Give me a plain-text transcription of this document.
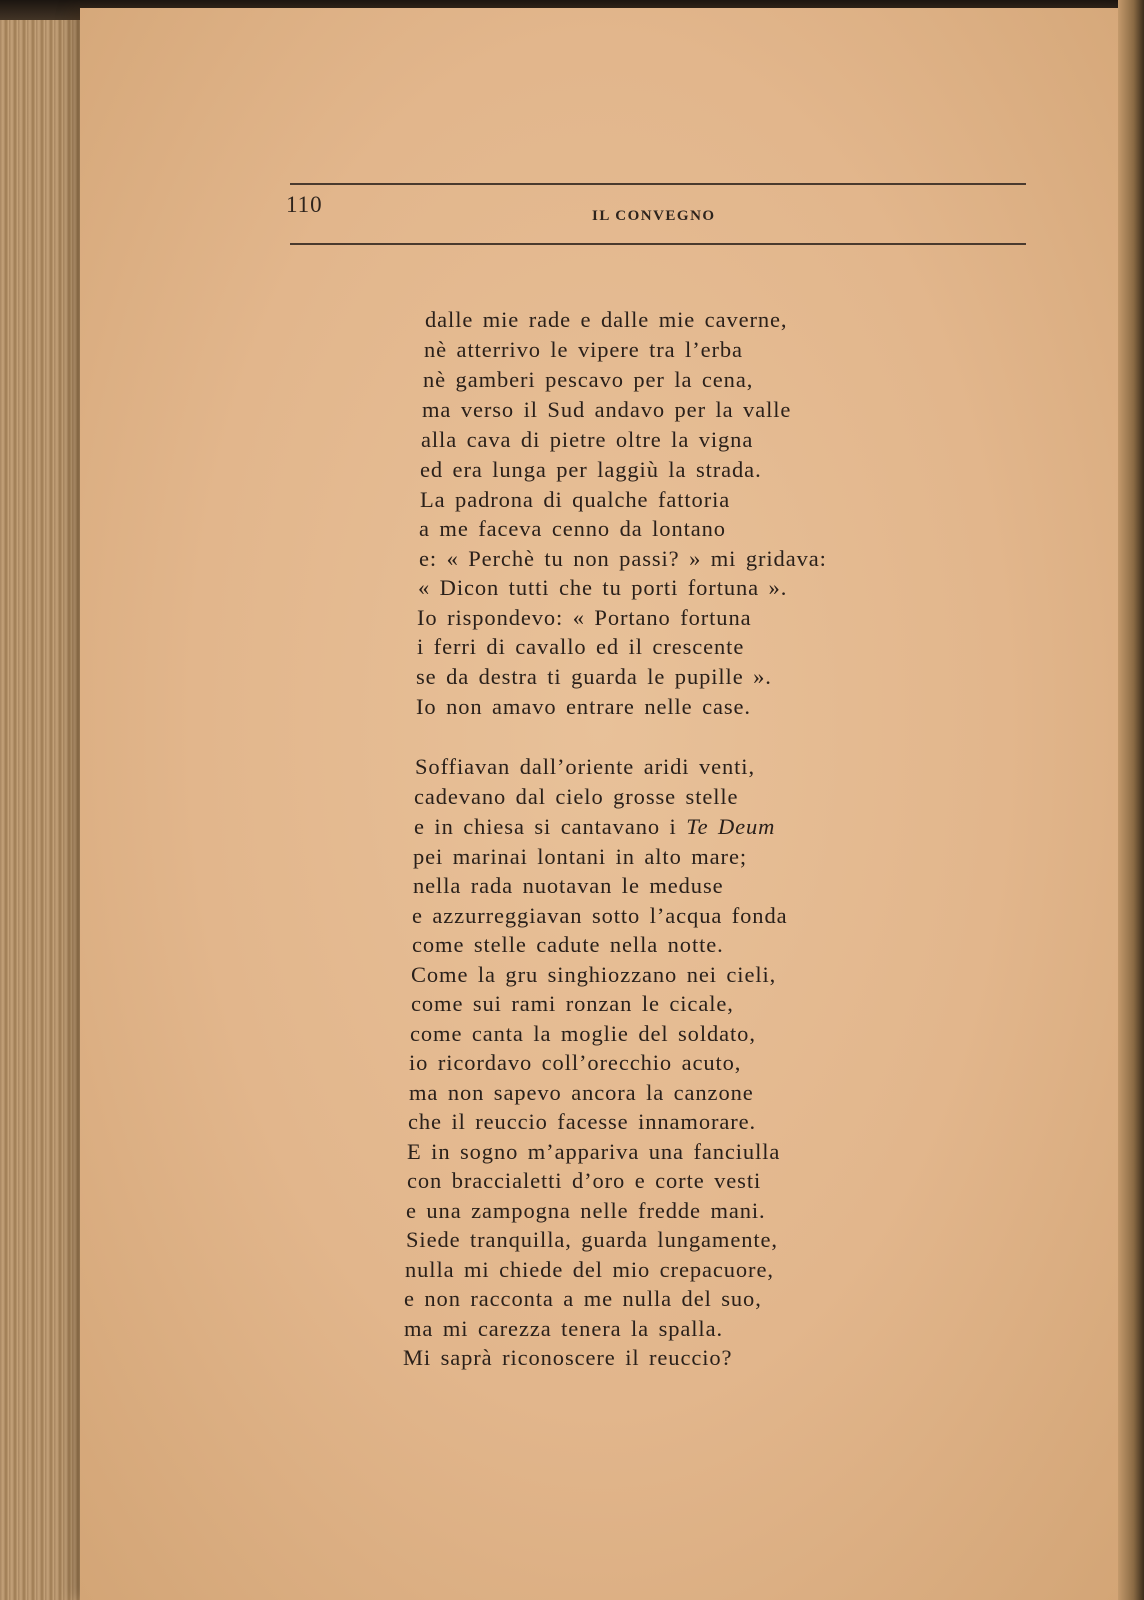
110	IL CONVEGNO
dalle mie rade e dalle mie caverne,
nè atterrivo le vipere tra l’erba
nè gamberi pescavo per la cena,
ma verso il Sud andavo per la valle
alla cava di pietre oltre la vigna
ed era lunga per laggiù la strada.
La padrona di qualche fattoria
a me faceva cenno da lontano
e: « Perchè tu non passi? » mi gridava:
« Dicon tutti che tu porti fortuna ».
Io rispondevo: « Portano fortuna
i ferri di cavallo ed il crescente
se da destra ti guarda le pupille ».
Io non amavo entrare nelle case.
Soffiavan dall’oriente aridi venti,
cadevano dal cielo grosse stelle
e in chiesa si cantavano i Te Deum
pei marinai lontani in alto mare;
nella rada nuotavan le meduse
e azzurreggiavan sotto l’acqua fonda
come stelle cadute nella notte.
Come la gru singhiozzano nei cieli,
come sui rami ronzan le cicale,
come canta la moglie del soldato,
io ricordavo coll’orecchio acuto,
ma non sapevo ancora la canzone
che il reuccio facesse innamorare.
E in sogno m’appariva una fanciulla
con braccialetti d’oro e corte vesti
e una zampogna nelle fredde mani.
Siede tranquilla, guarda lungamente,
nulla mi chiede del mio crepacuore,
e non racconta a me nulla del suo,
ma mi carezza tenera la spalla.
Mi saprà riconoscere il reuccio?
